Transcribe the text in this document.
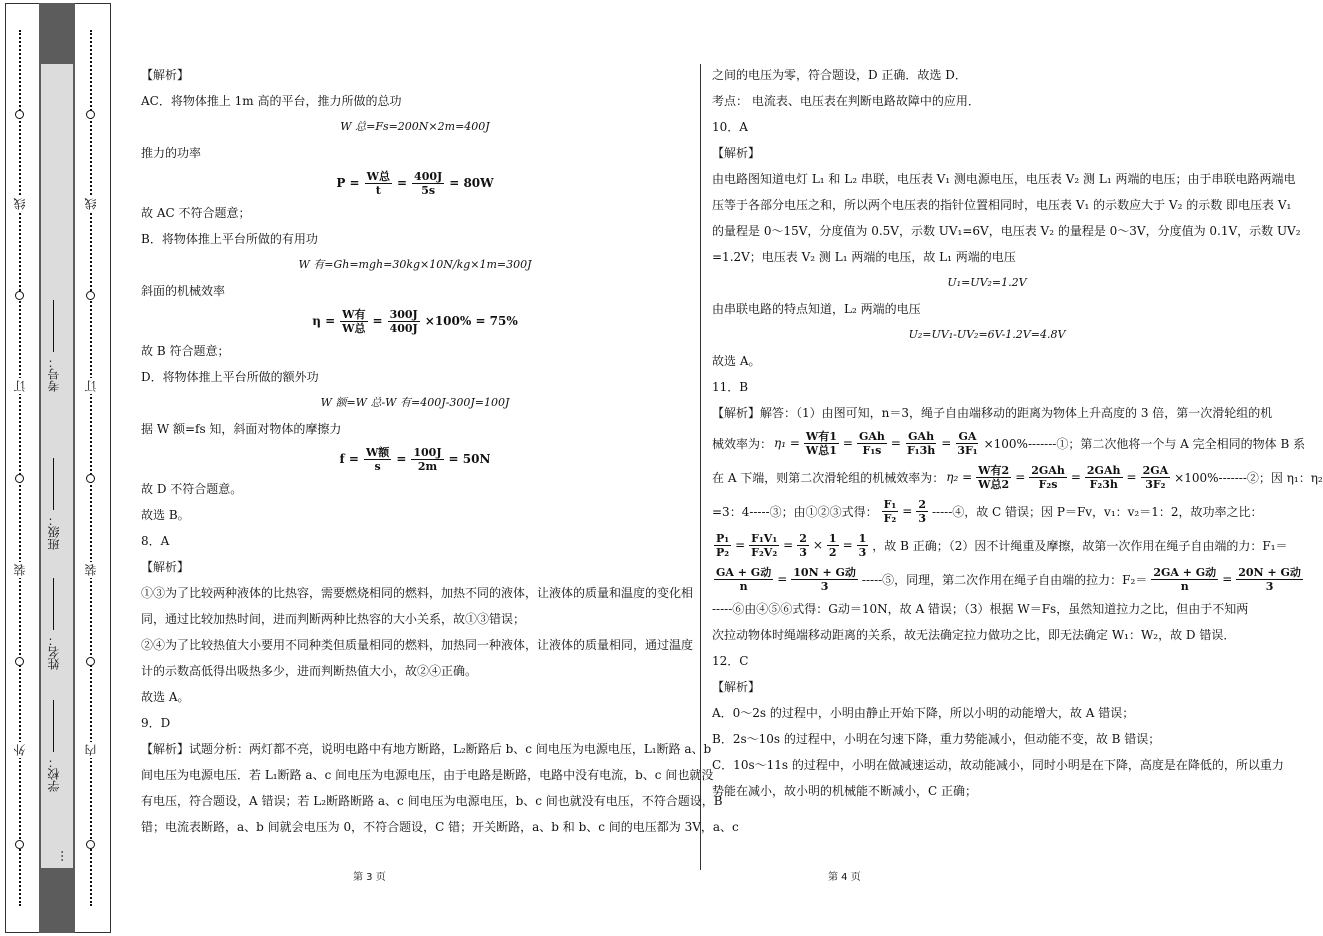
线
订
装
外
线
订
装
内
考号：
班级：
姓名：
学校：
…
【解析】
AC．将物体推上 1m 高的平台，推力所做的总功
W 总=Fs=200N×2m=400J
推力的功率
$P = \frac{\text{W总}}{t} = \frac{400J}{5s} = 80W$
故 AC 不符合题意；
B．将物体推上平台所做的有用功
W 有=Gh=mgh=30kg×10N/kg×1m=300J
斜面的机械效率
$\eta = \frac{\text{W有}}{\text{W总}} = \frac{300J}{400J} \times 100\% = 75\%$
故 B 符合题意；
D．将物体推上平台所做的额外功
W 额=W 总-W 有=400J-300J=100J
据 W 额=fs 知，斜面对物体的摩擦力
$f = \frac{\text{W额}}{s} = \frac{100J}{2m} = 50N$
故 D 不符合题意。
故选 B。
8．A
【解析】
①③为了比较两种液体的比热容，需要燃烧相同的燃料，加热不同的液体，让液体的质量和温度的变化相
同，通过比较加热时间，进而判断两种比热容的大小关系，故①③错误；
②④为了比较热值大小要用不同种类但质量相同的燃料，加热同一种液体，让液体的质量相同，通过温度
计的示数高低得出吸热多少，进而判断热值大小，故②④正确。
故选 A。
9．D
【解析】试题分析：两灯都不亮，说明电路中有地方断路，L₂断路后 b、c 间电压为电源电压，L₁断路 a、b
间电压为电源电压．若 L₁断路 a、c 间电压为电源电压，由于电路是断路，电路中没有电流，b、c 间也就没
有电压，符合题设，A 错误；若 L₂断路断路 a、c 间电压为电源电压，b、c 间也就没有电压，不符合题设，B
错；电流表断路，a、b 间就会电压为 0，不符合题设，C 错；开关断路，a、b 和 b、c 间的电压都为 3V，a、c
第 3 页
之间的电压为零，符合题设，D 正确．故选 D．
考点： 电流表、电压表在判断电路故障中的应用．
10．A
【解析】
由电路图知道电灯 L₁ 和 L₂ 串联，电压表 V₁ 测电源电压，电压表 V₂ 测 L₁ 两端的电压；由于串联电路两端电
压等于各部分电压之和，所以两个电压表的指针位置相同时，电压表 V₁ 的示数应大于 V₂ 的示数 即电压表 V₁
的量程是 0～15V，分度值为 0.5V，示数 UV₁=6V，电压表 V₂ 的量程是 0～3V，分度值为 0.1V，示数 UV₂
=1.2V；电压表 V₂ 测 L₁ 两端的电压，故 L₁ 两端的电压
U₁=UV₂=1.2V
由串联电路的特点知道，L₂ 两端的电压
U₂=UV₁-UV₂=6V-1.2V=4.8V
故选 A。
11．B
【解析】解答：（1）由图可知，n＝3，绳子自由端移动的距离为物体上升高度的 3 倍，第一次滑轮组的机
械效率为： $\eta_1 = \frac{\text{W有1}}{\text{W总1}} = \frac{\text{GAh}}{\text{F₁s}} = \frac{\text{GAh}}{\text{F₁3h}} = \frac{GA}{\text{3F₁}}$ ×100%-------①；第二次他将一个与 A 完全相同的物体 B 系
在 A 下端，则第二次滑轮组的机械效率为： $\eta_2 = \frac{\text{W有2}}{\text{W总2}} = \frac{\text{2GAh}}{\text{F₂s}} = \frac{\text{2GAh}}{\text{F₂3h}} = \frac{2GA}{\text{3F₂}}$ ×100%-------②；因 η₁：η₂
=3：4-----③；由①②③式得： $\frac{\text{F₁}}{\text{F₂}} = \frac{2}{3}$ -----④，故 C 错误；因 P＝Fv，v₁：v₂＝1：2，故功率之比：
$\frac{\text{P₁}}{\text{P₂}} = \frac{\text{F₁V₁}}{\text{F₂V₂}} = \frac{2}{3} \times \frac{1}{2} = \frac{1}{3}$ ，故 B 正确；（2）因不计绳重及摩擦，故第一次作用在绳子自由端的力：F₁＝
$\frac{\text{GA + G动}}{n} = \frac{\text{10N + G动}}{3}$ -----⑤，同理，第二次作用在绳子自由端的拉力：$F_2= \frac{\text{2GA + G动}}{n} = \frac{\text{20N + G动}}{3}$
-----⑥由④⑤⑥式得：G动＝10N，故 A 错误；（3）根据 W＝Fs，虽然知道拉力之比，但由于不知两
次拉动物体时绳端移动距离的关系，故无法确定拉力做功之比，即无法确定 W₁：W₂，故 D 错误．
12．C
【解析】
A．0～2s 的过程中，小明由静止开始下降，所以小明的动能增大，故 A 错误；
B．2s～10s 的过程中，小明在匀速下降，重力势能减小，但动能不变，故 B 错误；
C．10s～11s 的过程中，小明在做减速运动，故动能减小，同时小明是在下降，高度是在降低的，所以重力
势能在减小，故小明的机械能不断减小，C 正确；
第 4 页
